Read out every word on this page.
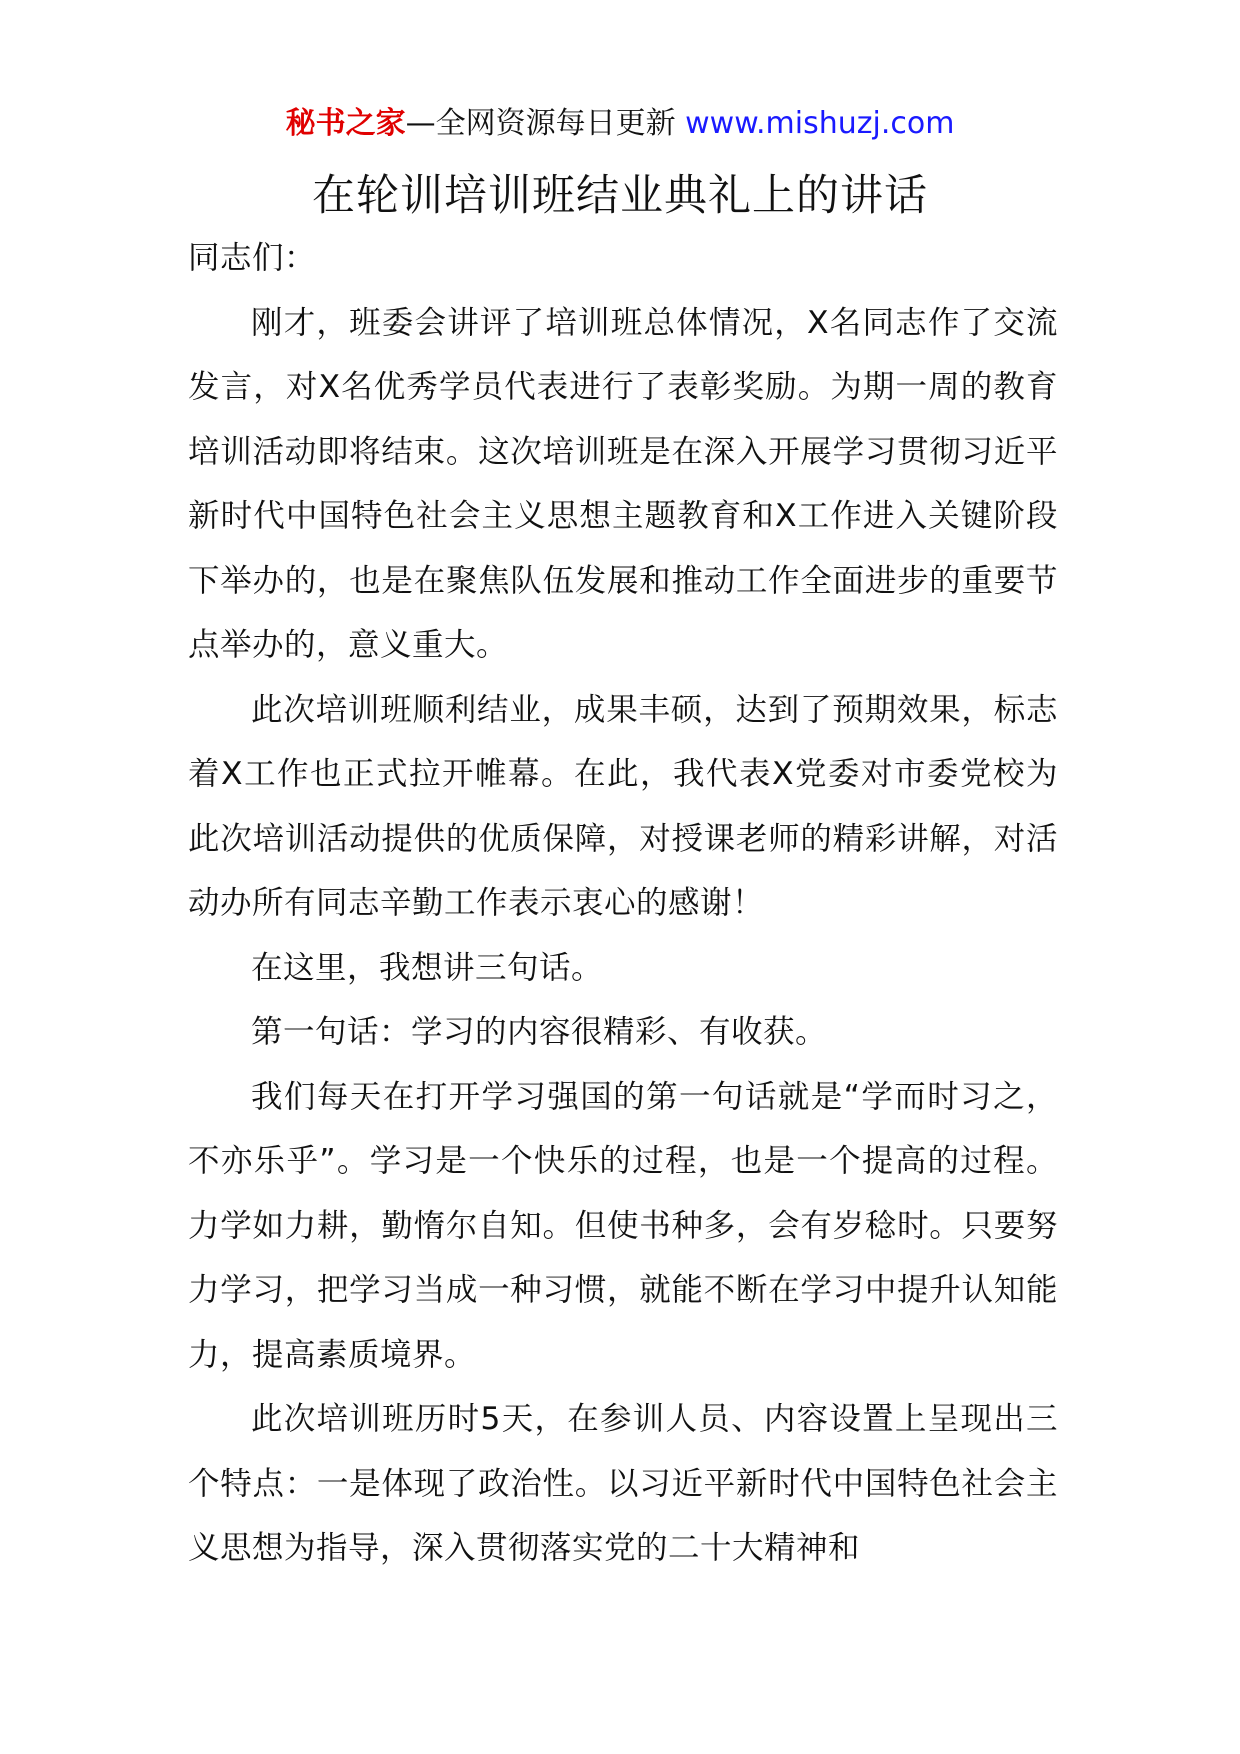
秘书之家—全网资源每日更新 www.mishuzj.com
在轮训培训班结业典礼上的讲话

同志们：

刚才，班委会讲评了培训班总体情况，X名同志作了交流发言，对X名优秀学员代表进行了表彰奖励。为期一周的教育培训活动即将结束。这次培训班是在深入开展学习贯彻习近平新时代中国特色社会主义思想主题教育和X工作进入关键阶段下举办的，也是在聚焦队伍发展和推动工作全面进步的重要节点举办的，意义重大。

此次培训班顺利结业，成果丰硕，达到了预期效果，标志着X工作也正式拉开帷幕。在此，我代表X党委对市委党校为此次培训活动提供的优质保障，对授课老师的精彩讲解，对活动办所有同志辛勤工作表示衷心的感谢！

在这里，我想讲三句话。

第一句话：学习的内容很精彩、有收获。

我们每天在打开学习强国的第一句话就是“学而时习之，不亦乐乎”。学习是一个快乐的过程，也是一个提高的过程。力学如力耕，勤惰尔自知。但使书种多，会有岁稔时。只要努力学习，把学习当成一种习惯，就能不断在学习中提升认知能力，提高素质境界。

此次培训班历时5天，在参训人员、内容设置上呈现出三个特点：一是体现了政治性。以习近平新时代中国特色社会主义思想为指导，深入贯彻落实党的二十大精神和
